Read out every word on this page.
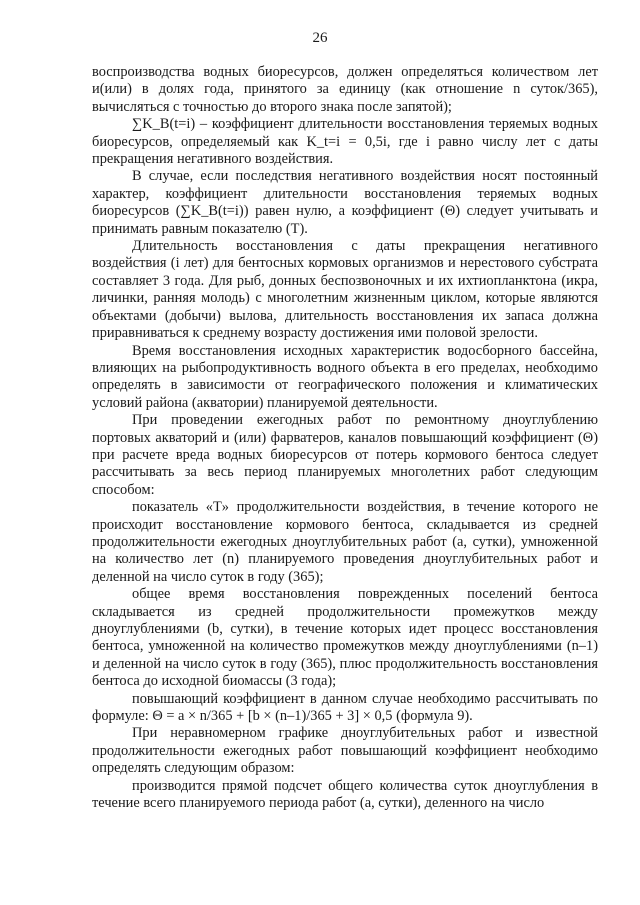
26

воспроизводства водных биоресурсов, должен определяться количеством лет и(или) в долях года, принятого за единицу (как отношение n суток/365), вычисляться с точностью до второго знака после запятой);

∑K_B(t=i) – коэффициент длительности восстановления теряемых водных биоресурсов, определяемый как K_t=i = 0,5i, где i равно числу лет с даты прекращения негативного воздействия.

В случае, если последствия негативного воздействия носят постоянный характер, коэффициент длительности восстановления теряемых водных биоресурсов (∑K_B(t=i)) равен нулю, а коэффициент (Θ) следует учитывать и принимать равным показателю (T).

Длительность восстановления с даты прекращения негативного воздействия (i лет) для бентосных кормовых организмов и нерестового субстрата составляет 3 года. Для рыб, донных беспозвоночных и их ихтиопланктона (икра, личинки, ранняя молодь) с многолетним жизненным циклом, которые являются объектами (добычи) вылова, длительность восстановления их запаса должна приравниваться к среднему возрасту достижения ими половой зрелости.

Время восстановления исходных характеристик водосборного бассейна, влияющих на рыбопродуктивность водного объекта в его пределах, необходимо определять в зависимости от географического положения и климатических условий района (акватории) планируемой деятельности.

При проведении ежегодных работ по ремонтному дноуглублению портовых акваторий и (или) фарватеров, каналов повышающий коэффициент (Θ) при расчете вреда водных биоресурсов от потерь кормового бентоса следует рассчитывать за весь период планируемых многолетних работ следующим способом:

показатель «T» продолжительности воздействия, в течение которого не происходит восстановление кормового бентоса, складывается из средней продолжительности ежегодных дноуглубительных работ (a, сутки), умноженной на количество лет (n) планируемого проведения дноуглубительных работ и деленной на число суток в году (365);

общее время восстановления поврежденных поселений бентоса складывается из средней продолжительности промежутков между дноуглублениями (b, сутки), в течение которых идет процесс восстановления бентоса, умноженной на количество промежутков между дноуглублениями (n–1) и деленной на число суток в году (365), плюс продолжительность восстановления бентоса до исходной биомассы (3 года);

повышающий коэффициент в данном случае необходимо рассчитывать по формуле: Θ = a × n/365 + [b × (n–1)/365 + 3] × 0,5 (формула 9).

При неравномерном графике дноуглубительных работ и известной продолжительности ежегодных работ повышающий коэффициент необходимо определять следующим образом:

производится прямой подсчет общего количества суток дноуглубления в течение всего планируемого периода работ (a, сутки), деленного на число
